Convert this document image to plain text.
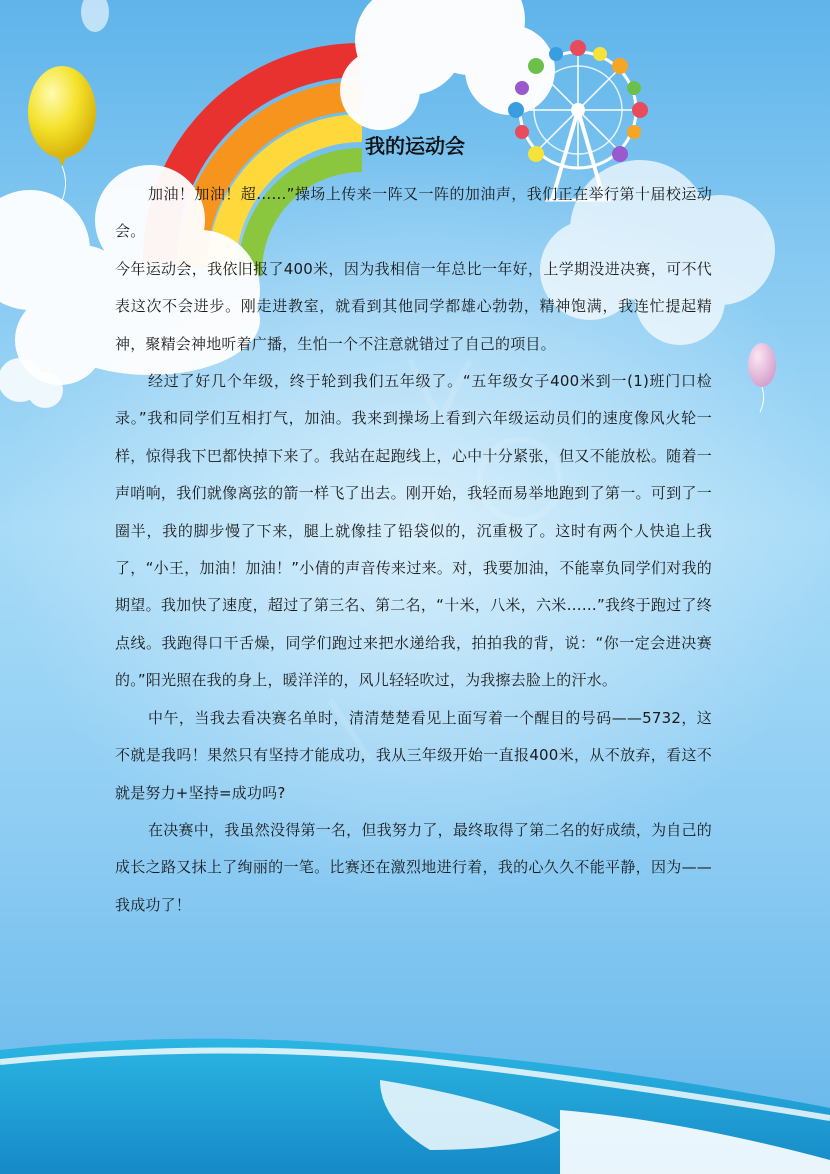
我的运动会

加油！加油！超……”操场上传来一阵又一阵的加油声，我们正在举行第十届校运动会。

今年运动会，我依旧报了400米，因为我相信一年总比一年好，上学期没进决赛，可不代表这次不会进步。刚走进教室，就看到其他同学都雄心勃勃，精神饱满，我连忙提起精神，聚精会神地听着广播，生怕一个不注意就错过了自己的项目。

经过了好几个年级，终于轮到我们五年级了。“五年级女子400米到一(1)班门口检录。”我和同学们互相打气，加油。我来到操场上看到六年级运动员们的速度像风火轮一样，惊得我下巴都快掉下来了。我站在起跑线上，心中十分紧张，但又不能放松。随着一声哨响，我们就像离弦的箭一样飞了出去。刚开始，我轻而易举地跑到了第一。可到了一圈半，我的脚步慢了下来，腿上就像挂了铅袋似的，沉重极了。这时有两个人快追上我了，“小王，加油！加油！”小倩的声音传来过来。对，我要加油，不能辜负同学们对我的期望。我加快了速度，超过了第三名、第二名，“十米，八米，六米……”我终于跑过了终点线。我跑得口干舌燥，同学们跑过来把水递给我，拍拍我的背，说：“你一定会进决赛的。”阳光照在我的身上，暖洋洋的，风儿轻轻吹过，为我擦去脸上的汗水。

中午，当我去看决赛名单时，清清楚楚看见上面写着一个醒目的号码——5732，这不就是我吗！果然只有坚持才能成功，我从三年级开始一直报400米，从不放弃，看这不就是努力+坚持=成功吗?

在决赛中，我虽然没得第一名，但我努力了，最终取得了第二名的好成绩，为自己的成长之路又抹上了绚丽的一笔。比赛还在激烈地进行着，我的心久久不能平静，因为——我成功了！
